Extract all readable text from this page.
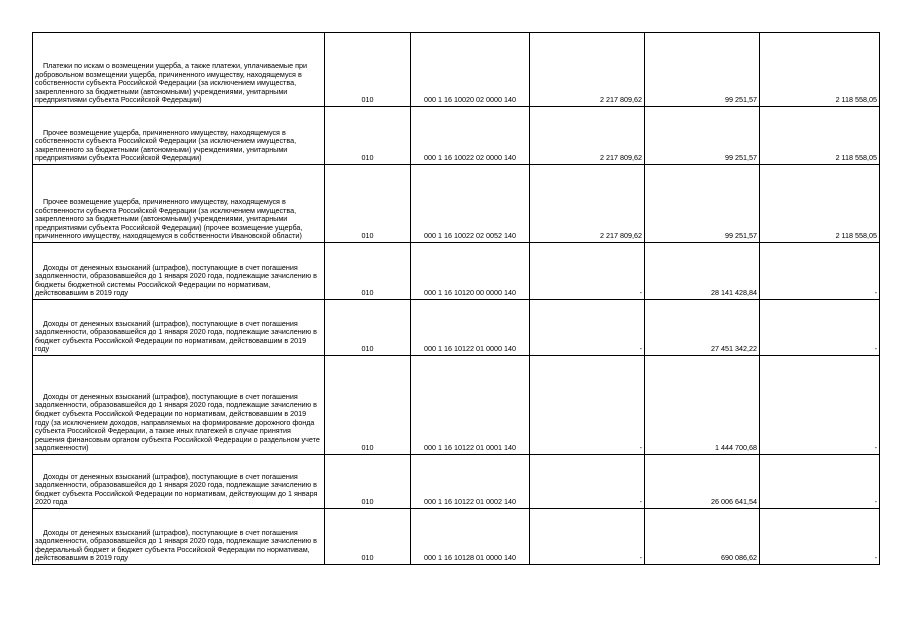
Платежи по искам о возмещении ущерба, а также платежи, уплачиваемые при добровольном возмещении ущерба, причиненного имуществу, находящемуся в собственности субъекта Российской Федерации (за исключением имущества, закрепленного за бюджетными (автономными) учреждениями, унитарными предприятиями субъекта Российской Федерации)	010	000 1 16 10020 02 0000 140	2 217 809,62	99 251,57	2 118 558,05

Прочее возмещение ущерба, причиненного имуществу, находящемуся в собственности субъекта Российской Федерации (за исключением имущества, закрепленного за бюджетными (автономными) учреждениями, унитарными предприятиями субъекта Российской Федерации)	010	000 1 16 10022 02 0000 140	2 217 809,62	99 251,57	2 118 558,05

Прочее возмещение ущерба, причиненного имуществу, находящемуся в собственности субъекта Российской Федерации (за исключением имущества, закрепленного за бюджетными (автономными) учреждениями, унитарными предприятиями субъекта Российской Федерации) (прочее возмещение ущерба, причиненного имуществу, находящемуся в собственности Ивановской области)	010	000 1 16 10022 02 0052 140	2 217 809,62	99 251,57	2 118 558,05

Доходы от денежных взысканий (штрафов), поступающие в счет погашения задолженности, образовавшейся до 1 января 2020 года, подлежащие зачислению в бюджеты бюджетной системы Российской Федерации по нормативам, действовавшим в 2019 году	010	000 1 16 10120 00 0000 140	-	28 141 428,84	-

Доходы от денежных взысканий (штрафов), поступающие в счет погашения задолженности, образовавшейся до 1 января 2020 года, подлежащие зачислению в бюджет субъекта Российской Федерации по нормативам, действовавшим в 2019 году	010	000 1 16 10122 01 0000 140	-	27 451 342,22	-

Доходы от денежных взысканий (штрафов), поступающие в счет погашения задолженности, образовавшейся до 1 января 2020 года, подлежащие зачислению в бюджет субъекта Российской Федерации по нормативам, действовавшим в 2019 году (за исключением доходов, направляемых на формирование дорожного фонда субъекта Российской Федерации, а также иных платежей в случае принятия решения финансовым органом субъекта Российской Федерации о раздельном учете задолженности)	010	000 1 16 10122 01 0001 140	-	1 444 700,68	-

Доходы от денежных взысканий (штрафов), поступающие в счет погашения задолженности, образовавшейся до 1 января 2020 года, подлежащие зачислению в бюджет субъекта Российской Федерации по нормативам, действующим до 1 января 2020 года	010	000 1 16 10122 01 0002 140	-	26 006 641,54	-

Доходы от денежных взысканий (штрафов), поступающие в счет погашения задолженности, образовавшейся до 1 января 2020 года, подлежащие зачислению в федеральный бюджет и бюджет субъекта Российской Федерации по нормативам, действовавшим в 2019 году	010	000 1 16 10128 01 0000 140	-	690 086,62	-
